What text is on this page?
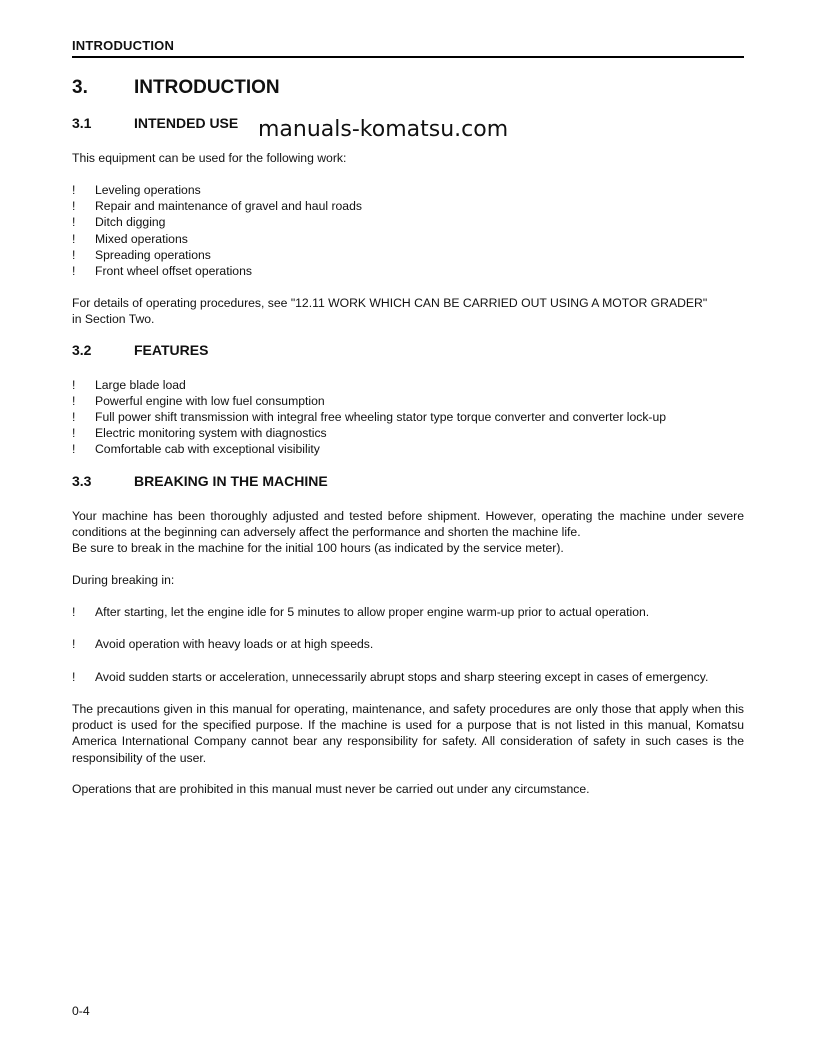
INTRODUCTION
3. INTRODUCTION
3.1	INTENDED USE manuals-komatsu.com
This equipment can be used for the following work:
! Leveling operations
! Repair and maintenance of gravel and haul roads
! Ditch digging
! Mixed operations
! Spreading operations
! Front wheel offset operations
For details of operating procedures, see "12.11 WORK WHICH CAN BE CARRIED OUT USING A MOTOR GRADER"
in Section Two.
3.2	FEATURES
! Large blade load
! Powerful engine with low fuel consumption
! Full power shift transmission with integral free wheeling stator type torque converter and converter lock-up
! Electric monitoring system with diagnostics
! Comfortable cab with exceptional visibility
3.3	BREAKING IN THE MACHINE
Your machine has been thoroughly adjusted and tested before shipment. However, operating the machine under severe conditions at the beginning can adversely affect the performance and shorten the machine life.
Be sure to break in the machine for the initial 100 hours (as indicated by the service meter).
During breaking in:
! After starting, let the engine idle for 5 minutes to allow proper engine warm-up prior to actual operation.
! Avoid operation with heavy loads or at high speeds.
! Avoid sudden starts or acceleration, unnecessarily abrupt stops and sharp steering except in cases of emergency.
The precautions given in this manual for operating, maintenance, and safety procedures are only those that apply when this product is used for the specified purpose. If the machine is used for a purpose that is not listed in this manual, Komatsu America International Company cannot bear any responsibility for safety. All consideration of safety in such cases is the responsibility of the user.
Operations that are prohibited in this manual must never be carried out under any circumstance.
0-4
